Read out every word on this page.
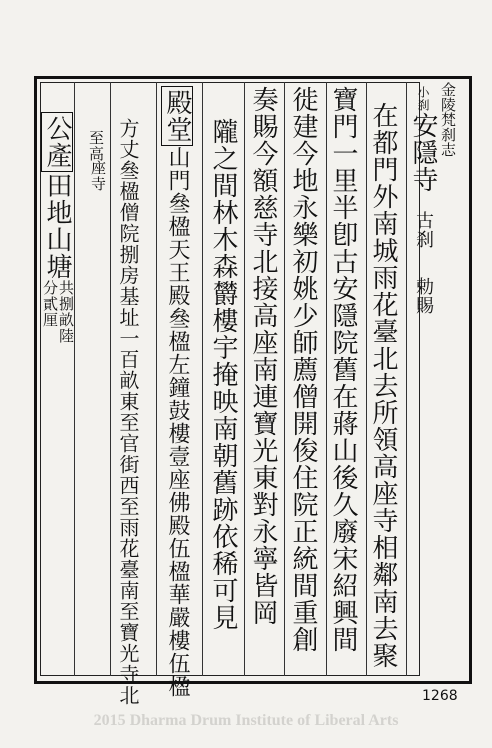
金陵梵刹志
小刹安隱寺古刹勅賜
在都門外南城雨花臺北去所領高座寺相鄰南去聚
寶門一里半卽古安隱院舊在蔣山後久廢宋紹興間
徙建今地永樂初姚少師薦僧開俊住院正統間重創
奏賜今額慈寺北接高座南連寶光東對永寧皆岡
隴之間林木森欝樓宇掩映南朝舊跡依稀可見
殿堂山門叄楹天王殿叄楹左鐘鼓樓壹座佛殿伍楹華嚴樓伍楹
方丈叄楹僧院捌房基址一百畝東至官街西至雨花臺南至寶光寺北
至高
座寺
公產田地山塘
共捌畝陸
分貳厘
1268
2015 Dharma Drum Institute of Liberal Arts
